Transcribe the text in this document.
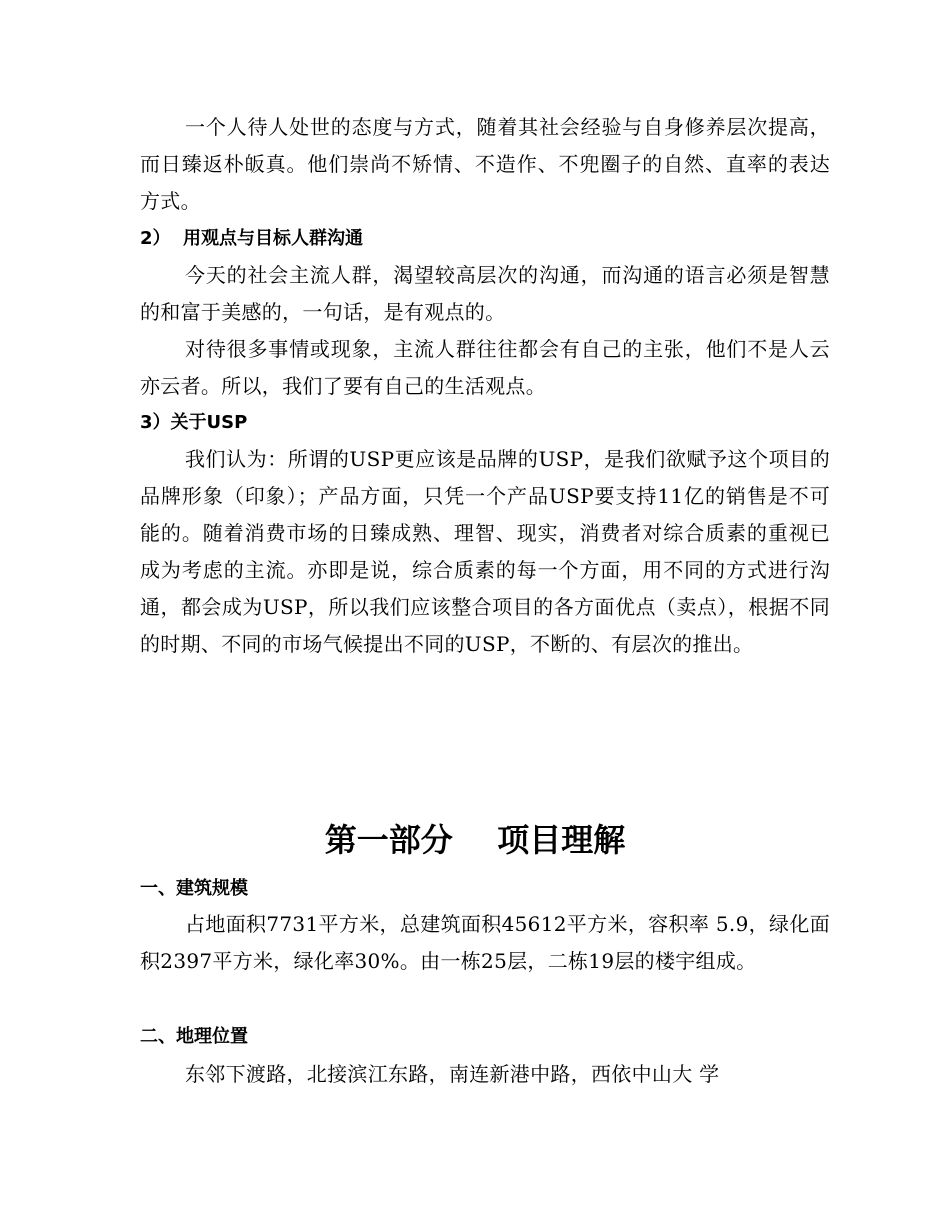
一个人待人处世的态度与方式，随着其社会经验与自身修养层次提高，而日臻返朴皈真。他们崇尚不矫情、不造作、不兜圈子的自然、直率的表达方式。

2）  用观点与目标人群沟通

今天的社会主流人群，渴望较高层次的沟通，而沟通的语言必须是智慧的和富于美感的，一句话，是有观点的。

对待很多事情或现象，主流人群往往都会有自己的主张，他们不是人云亦云者。所以，我们了要有自己的生活观点。

3）关于USP

我们认为：所谓的USP更应该是品牌的USP，是我们欲赋予这个项目的品牌形象（印象）；产品方面，只凭一个产品USP要支持11亿的销售是不可能的。随着消费市场的日臻成熟、理智、现实，消费者对综合质素的重视已成为考虑的主流。亦即是说，综合质素的每一个方面，用不同的方式进行沟通，都会成为USP，所以我们应该整合项目的各方面优点（卖点），根据不同的时期、不同的市场气候提出不同的USP，不断的、有层次的推出。

第一部分    项目理解

一、建筑规模

占地面积7731平方米，总建筑面积45612平方米，容积率 5.9，绿化面积2397平方米，绿化率30%。由一栋25层，二栋19层的楼宇组成。

二、地理位置

东邻下渡路，北接滨江东路，南连新港中路，西依中山大 学
